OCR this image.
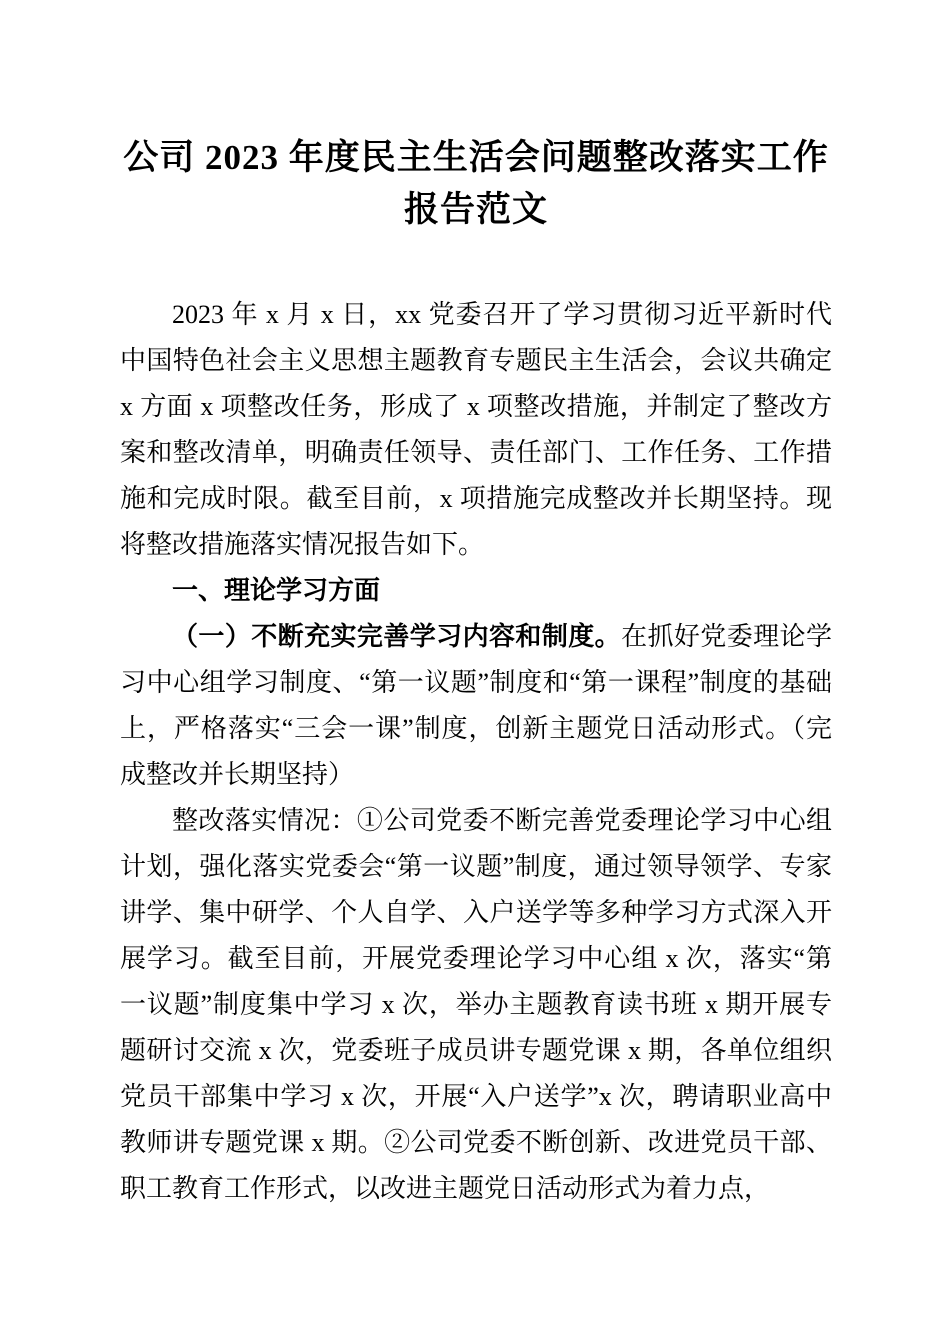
公司 2023 年度民主生活会问题整改落实工作
报告范文

2023 年 x 月 x 日，xx 党委召开了学习贯彻习近平新时代中国特色社会主义思想主题教育专题民主生活会，会议共确定 x 方面 x 项整改任务，形成了 x 项整改措施，并制定了整改方案和整改清单，明确责任领导、责任部门、工作任务、工作措施和完成时限。截至目前，x 项措施完成整改并长期坚持。现将整改措施落实情况报告如下。

一、理论学习方面

（一）不断充实完善学习内容和制度。在抓好党委理论学习中心组学习制度、“第一议题”制度和“第一课程”制度的基础上，严格落实“三会一课”制度，创新主题党日活动形式。（完成整改并长期坚持）

整改落实情况：①公司党委不断完善党委理论学习中心组计划，强化落实党委会“第一议题”制度，通过领导领学、专家讲学、集中研学、个人自学、入户送学等多种学习方式深入开展学习。截至目前，开展党委理论学习中心组 x 次，落实“第一议题”制度集中学习 x 次，举办主题教育读书班 x 期开展专题研讨交流 x 次，党委班子成员讲专题党课 x 期，各单位组织党员干部集中学习 x 次，开展“入户送学”x 次，聘请职业高中教师讲专题党课 x 期。②公司党委不断创新、改进党员干部、职工教育工作形式，以改进主题党日活动形式为着力点，
